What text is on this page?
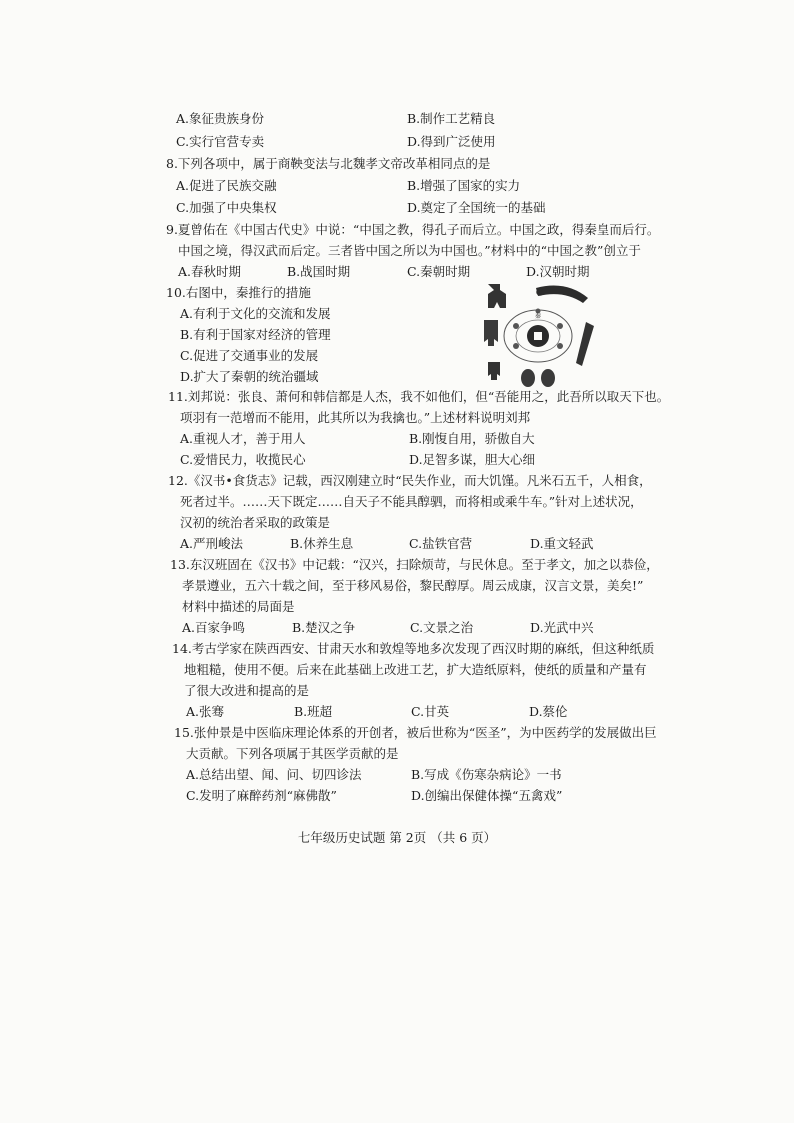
A.象征贵族身份	B.制作工艺精良
C.实行官营专卖	D.得到广泛使用
8.下列各项中，属于商鞅变法与北魏孝文帝改革相同点的是
A.促进了民族交融	B.增强了国家的实力
C.加强了中央集权	D.奠定了全国统一的基础
9.夏曾佑在《中国古代史》中说：“中国之教，得孔子而后立。中国之政，得秦皇而后行。
中国之境，得汉武而后定。三者皆中国之所以为中国也。”材料中的“中国之教”创立于
A.春秋时期	B.战国时期	C.秦朝时期	D.汉朝时期
10.右图中，秦推行的措施
A.有利于文化的交流和发展
B.有利于国家对经济的管理
C.促进了交通事业的发展
D.扩大了秦朝的统治疆域
秦
11.刘邦说：张良、萧何和韩信都是人杰，我不如他们，但“吾能用之，此吾所以取天下也。
项羽有一范增而不能用，此其所以为我擒也。”上述材料说明刘邦
A.重视人才，善于用人	B.刚愎自用，骄傲自大
C.爱惜民力，收揽民心	D.足智多谋，胆大心细
12.《汉书•食货志》记载，西汉刚建立时“民失作业，而大饥馑。凡米石五千，人相食，
死者过半。……天下既定……自天子不能具醇驷，而将相或乘牛车。”针对上述状况，
汉初的统治者采取的政策是
A.严刑峻法	B.休养生息	C.盐铁官营	D.重文轻武
13.东汉班固在《汉书》中记载：“汉兴，扫除烦苛，与民休息。至于孝文，加之以恭俭，
孝景遵业，五六十载之间，至于移风易俗，黎民醇厚。周云成康，汉言文景，美矣!”
材料中描述的局面是
A.百家争鸣	B.楚汉之争	C.文景之治	D.光武中兴
14.考古学家在陕西西安、甘肃天水和敦煌等地多次发现了西汉时期的麻纸，但这种纸质
地粗糙，使用不便。后来在此基础上改进工艺，扩大造纸原料，使纸的质量和产量有
了很大改进和提高的是
A.张骞	B.班超	C.甘英	D.蔡伦
15.张仲景是中医临床理论体系的开创者，被后世称为“医圣”，为中医药学的发展做出巨
大贡献。下列各项属于其医学贡献的是
A.总结出望、闻、问、切四诊法	B.写成《伤寒杂病论》一书
C.发明了麻醉药剂“麻佛散”	D.创编出保健体操“五禽戏”
七年级历史试题 第 2页 （共 6 页）
